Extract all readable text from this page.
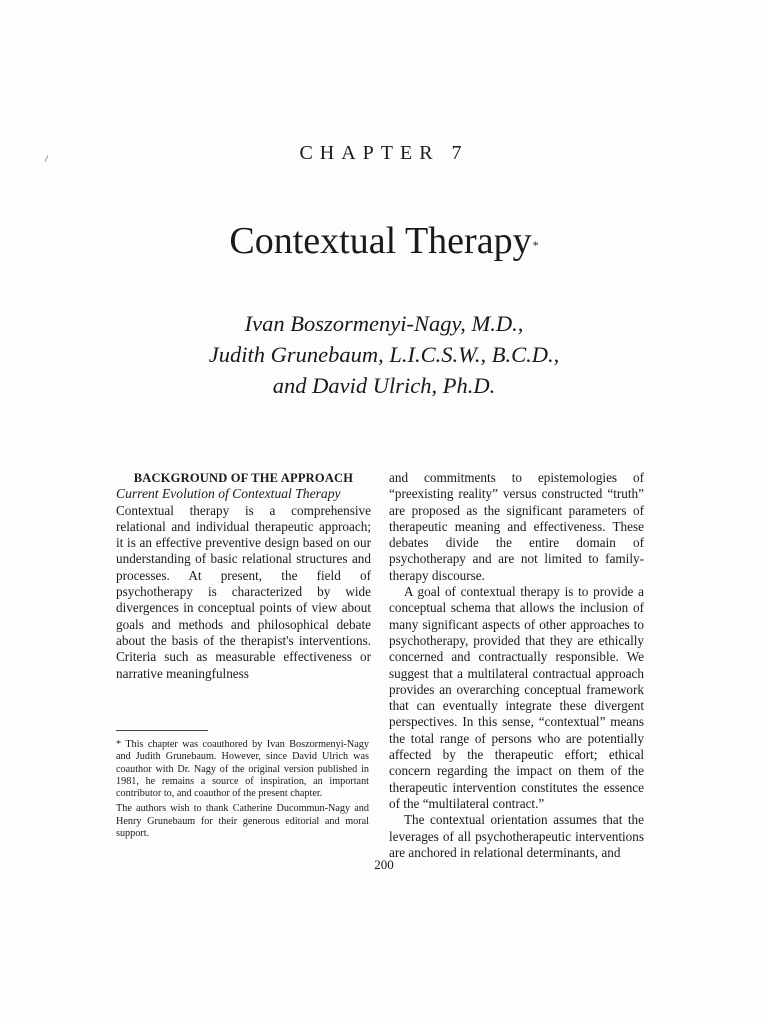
CHAPTER 7
Contextual Therapy*
Ivan Boszormenyi-Nagy, M.D.,
Judith Grunebaum, L.I.C.S.W., B.C.D.,
and David Ulrich, Ph.D.

BACKGROUND OF THE APPROACH

Current Evolution of Contextual Therapy

Contextual therapy is a comprehensive relational and individual therapeutic approach; it is an effective preventive design based on our understanding of basic relational structures and processes. At present, the field of psychotherapy is characterized by wide divergences in conceptual points of view about goals and methods and philosophical debate about the basis of the therapist's interventions. Criteria such as measurable effectiveness or narrative meaningfulness

* This chapter was coauthored by Ivan Boszormenyi-Nagy and Judith Grunebaum. However, since David Ulrich was coauthor with Dr. Nagy of the original version published in 1981, he remains a source of inspiration, an important contributor to, and coauthor of the present chapter.

The authors wish to thank Catherine Ducommun-Nagy and Henry Grunebaum for their generous editorial and moral support.

and commitments to epistemologies of “preexisting reality” versus constructed “truth” are proposed as the significant parameters of therapeutic meaning and effectiveness. These debates divide the entire domain of psychotherapy and are not limited to family-therapy discourse.

A goal of contextual therapy is to provide a conceptual schema that allows the inclusion of many significant aspects of other approaches to psychotherapy, provided that they are ethically concerned and contractually responsible. We suggest that a multilateral contractual approach provides an overarching conceptual framework that can eventually integrate these divergent perspectives. In this sense, “contextual” means the total range of persons who are potentially affected by the therapeutic effort; ethical concern regarding the impact on them of the therapeutic intervention constitutes the essence of the “multilateral contract.”

The contextual orientation assumes that the leverages of all psychotherapeutic interventions are anchored in relational determinants, and

200
